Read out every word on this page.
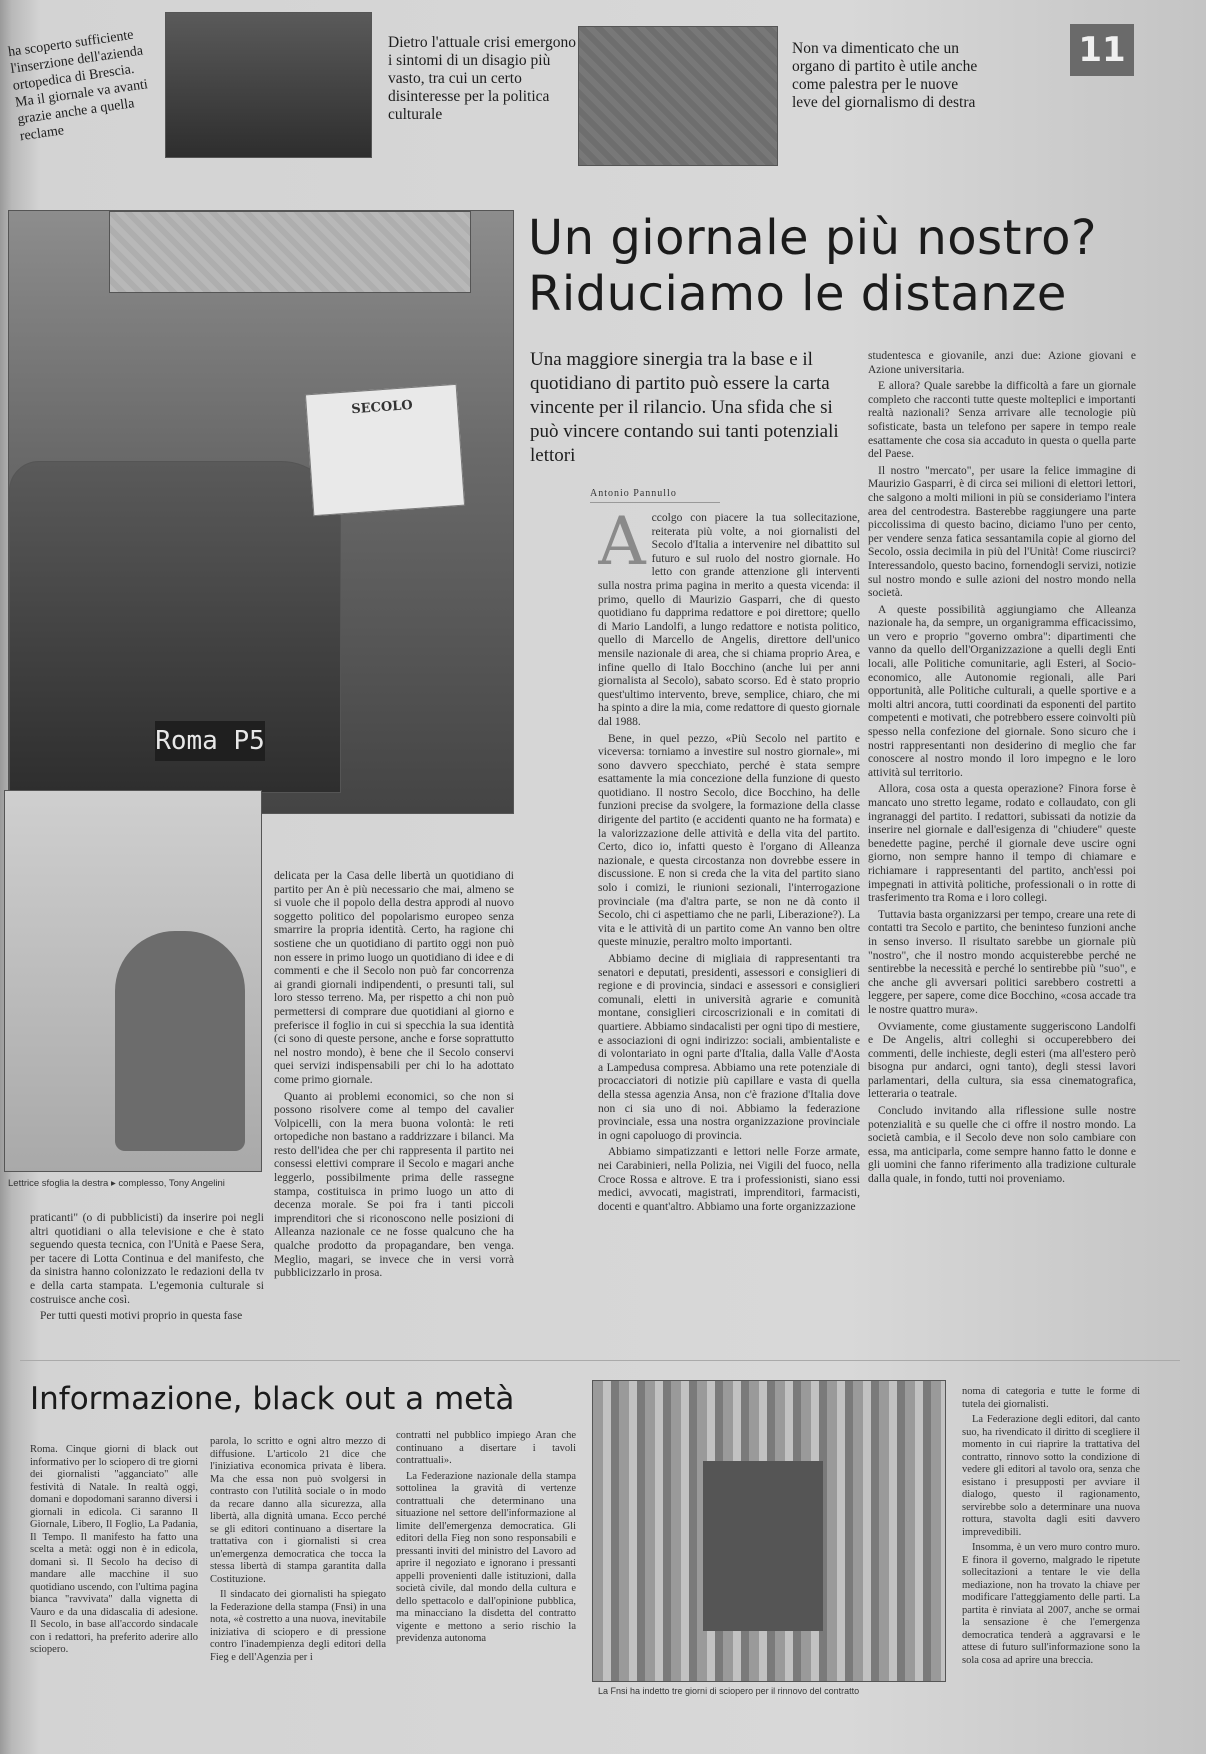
ha scoperto sufficiente l'inserzione dell'azienda ortopedica di Brescia. Ma il giornale va avanti grazie anche a quella reclame
Dietro l'attuale crisi emergono i sintomi di un disagio più vasto, tra cui un certo disinteresse per la politica culturale
Non va dimenticato che un organo di partito è utile anche come palestra per le nuove leve del giornalismo di destra
11
SECOLO
Roma P5
Lettrice sfoglia la destra ▸ complesso, Tony Angelini
Un giornale più nostro?
Riduciamo le distanze
Una maggiore sinergia tra la base e il quotidiano di partito può essere la carta vincente per il rilancio. Una sfida che si può vincere contando sui tanti potenziali lettori
Antonio Pannullo
A ccolgo con piacere la tua sollecitazione, reiterata più volte, a noi giornalisti del Secolo d'Italia a intervenire nel dibattito sul futuro e sul ruolo del nostro giornale. Ho letto con grande attenzione gli interventi sulla nostra prima pagina in merito a questa vicenda: il primo, quello di Maurizio Gasparri, che di questo quotidiano fu dapprima redattore e poi direttore; quello di Mario Landolfi, a lungo redattore e notista politico, quello di Marcello de Angelis, direttore dell'unico mensile nazionale di area, che si chiama proprio Area, e infine quello di Italo Bocchino (anche lui per anni giornalista al Secolo), sabato scorso. Ed è stato proprio quest'ultimo intervento, breve, semplice, chiaro, che mi ha spinto a dire la mia, come redattore di questo giornale dal 1988.

Bene, in quel pezzo, «Più Secolo nel partito e viceversa: torniamo a investire sul nostro giornale», mi sono davvero specchiato, perché è stata sempre esattamente la mia concezione della funzione di questo quotidiano. Il nostro Secolo, dice Bocchino, ha delle funzioni precise da svolgere, la formazione della classe dirigente del partito (e accidenti quanto ne ha formata) e la valorizzazione delle attività e della vita del partito. Certo, dico io, infatti questo è l'organo di Alleanza nazionale, e questa circostanza non dovrebbe essere in discussione. E non si creda che la vita del partito siano solo i comizi, le riunioni sezionali, l'interrogazione provinciale (ma d'altra parte, se non ne dà conto il Secolo, chi ci aspettiamo che ne parli, Liberazione?). La vita e le attività di un partito come An vanno ben oltre queste minuzie, peraltro molto importanti.

Abbiamo decine di migliaia di rappresentanti tra senatori e deputati, presidenti, assessori e consiglieri di regione e di provincia, sindaci e assessori e consiglieri comunali, eletti in università agrarie e comunità montane, consiglieri circoscrizionali e in comitati di quartiere. Abbiamo sindacalisti per ogni tipo di mestiere, e associazioni di ogni indirizzo: sociali, ambientaliste e di volontariato in ogni parte d'Italia, dalla Valle d'Aosta a Lampedusa compresa. Abbiamo una rete potenziale di procacciatori di notizie più capillare e vasta di quella della stessa agenzia Ansa, non c'è frazione d'Italia dove non ci sia uno di noi. Abbiamo la federazione provinciale, essa una nostra organizzazione provinciale in ogni capoluogo di provincia.

Abbiamo simpatizzanti e lettori nelle Forze armate, nei Carabinieri, nella Polizia, nei Vigili del fuoco, nella Croce Rossa e altrove. E tra i professionisti, siano essi medici, avvocati, magistrati, imprenditori, farmacisti, docenti e quant'altro. Abbiamo una forte organizzazione

studentesca e giovanile, anzi due: Azione giovani e Azione universitaria.

E allora? Quale sarebbe la difficoltà a fare un giornale completo che racconti tutte queste molteplici e importanti realtà nazionali? Senza arrivare alle tecnologie più sofisticate, basta un telefono per sapere in tempo reale esattamente che cosa sia accaduto in questa o quella parte del Paese.

Il nostro "mercato", per usare la felice immagine di Maurizio Gasparri, è di circa sei milioni di elettori lettori, che salgono a molti milioni in più se consideriamo l'intera area del centrodestra. Basterebbe raggiungere una parte piccolissima di questo bacino, diciamo l'uno per cento, per vendere senza fatica sessantamila copie al giorno del Secolo, ossia decimila in più del l'Unità! Come riuscirci? Interessandolo, questo bacino, fornendogli servizi, notizie sul nostro mondo e sulle azioni del nostro mondo nella società.

A queste possibilità aggiungiamo che Alleanza nazionale ha, da sempre, un organigramma efficacissimo, un vero e proprio "governo ombra": dipartimenti che vanno da quello dell'Organizzazione a quelli degli Enti locali, alle Politiche comunitarie, agli Esteri, al Socio-economico, alle Autonomie regionali, alle Pari opportunità, alle Politiche culturali, a quelle sportive e a molti altri ancora, tutti coordinati da esponenti del partito competenti e motivati, che potrebbero essere coinvolti più spesso nella confezione del giornale. Sono sicuro che i nostri rappresentanti non desiderino di meglio che far conoscere al nostro mondo il loro impegno e le loro attività sul territorio.

Allora, cosa osta a questa operazione? Finora forse è mancato uno stretto legame, rodato e collaudato, con gli ingranaggi del partito. I redattori, subissati da notizie da inserire nel giornale e dall'esigenza di "chiudere" queste benedette pagine, perché il giornale deve uscire ogni giorno, non sempre hanno il tempo di chiamare e richiamare i rappresentanti del partito, anch'essi poi impegnati in attività politiche, professionali o in rotte di trasferimento tra Roma e i loro collegi.

Tuttavia basta organizzarsi per tempo, creare una rete di contatti tra Secolo e partito, che beninteso funzioni anche in senso inverso. Il risultato sarebbe un giornale più "nostro", che il nostro mondo acquisterebbe perché ne sentirebbe la necessità e perché lo sentirebbe più "suo", e che anche gli avversari politici sarebbero costretti a leggere, per sapere, come dice Bocchino, «cosa accade tra le nostre quattro mura».

Ovviamente, come giustamente suggeriscono Landolfi e De Angelis, altri colleghi si occuperebbero dei commenti, delle inchieste, degli esteri (ma all'estero però bisogna pur andarci, ogni tanto), degli stessi lavori parlamentari, della cultura, sia essa cinematografica, letteraria o teatrale.

Concludo invitando alla riflessione sulle nostre potenzialità e su quelle che ci offre il nostro mondo. La società cambia, e il Secolo deve non solo cambiare con essa, ma anticiparla, come sempre hanno fatto le donne e gli uomini che fanno riferimento alla tradizione culturale dalla quale, in fondo, tutti noi proveniamo.

praticanti" (o di pubblicisti) da inserire poi negli altri quotidiani o alla televisione e che è stato seguendo questa tecnica, con l'Unità e Paese Sera, per tacere di Lotta Continua e del manifesto, che da sinistra hanno colonizzato le redazioni della tv e della carta stampata. L'egemonia culturale si costruisce anche così.

Per tutti questi motivi proprio in questa fase

delicata per la Casa delle libertà un quotidiano di partito per An è più necessario che mai, almeno se si vuole che il popolo della destra approdi al nuovo soggetto politico del popolarismo europeo senza smarrire la propria identità. Certo, ha ragione chi sostiene che un quotidiano di partito oggi non può non essere in primo luogo un quotidiano di idee e di commenti e che il Secolo non può far concorrenza ai grandi giornali indipendenti, o presunti tali, sul loro stesso terreno. Ma, per rispetto a chi non può permettersi di comprare due quotidiani al giorno e preferisce il foglio in cui si specchia la sua identità (ci sono di queste persone, anche e forse soprattutto nel nostro mondo), è bene che il Secolo conservi quei servizi indispensabili per chi lo ha adottato come primo giornale.

Quanto ai problemi economici, so che non si possono risolvere come al tempo del cavalier Volpicelli, con la mera buona volontà: le reti ortopediche non bastano a raddrizzare i bilanci. Ma resto dell'idea che per chi rappresenta il partito nei consessi elettivi comprare il Secolo e magari anche leggerlo, possibilmente prima delle rassegne stampa, costituisca in primo luogo un atto di decenza morale. Se poi fra i tanti piccoli imprenditori che si riconoscono nelle posizioni di Alleanza nazionale ce ne fosse qualcuno che ha qualche prodotto da propagandare, ben venga. Meglio, magari, se invece che in versi vorrà pubblicizzarlo in prosa.

Informazione, black out a metà

Roma. Cinque giorni di black out informativo per lo sciopero di tre giorni dei giornalisti "agganciato" alle festività di Natale. In realtà oggi, domani e dopodomani saranno diversi i giornali in edicola. Ci saranno Il Giornale, Libero, Il Foglio, La Padania, Il Tempo. Il manifesto ha fatto una scelta a metà: oggi non è in edicola, domani sì. Il Secolo ha deciso di mandare alle macchine il suo quotidiano uscendo, con l'ultima pagina bianca "ravvivata" dalla vignetta di Vauro e da una didascalia di adesione. Il Secolo, in base all'accordo sindacale con i redattori, ha preferito aderire allo sciopero.

parola, lo scritto e ogni altro mezzo di diffusione. L'articolo 21 dice che l'iniziativa economica privata è libera. Ma che essa non può svolgersi in contrasto con l'utilità sociale o in modo da recare danno alla sicurezza, alla libertà, alla dignità umana. Ecco perché se gli editori continuano a disertare la trattativa con i giornalisti si crea un'emergenza democratica che tocca la stessa libertà di stampa garantita dalla Costituzione.

Il sindacato dei giornalisti ha spiegato la Federazione della stampa (Fnsi) in una nota, «è costretto a una nuova, inevitabile iniziativa di sciopero e di pressione contro l'inadempienza degli editori della Fieg e dell'Agenzia per i

contratti nel pubblico impiego Aran che continuano a disertare i tavoli contrattuali».

La Federazione nazionale della stampa sottolinea la gravità di vertenze contrattuali che determinano una situazione nel settore dell'informazione al limite dell'emergenza democratica. Gli editori della Fieg non sono responsabili e pressanti inviti del ministro del Lavoro ad aprire il negoziato e ignorano i pressanti appelli provenienti dalle istituzioni, dalla società civile, dal mondo della cultura e dello spettacolo e dall'opinione pubblica, ma minacciano la disdetta del contratto vigente e mettono a serio rischio la previdenza autonoma

La Fnsi ha indetto tre giorni di sciopero per il rinnovo del contratto

noma di categoria e tutte le forme di tutela dei giornalisti.

La Federazione degli editori, dal canto suo, ha rivendicato il diritto di scegliere il momento in cui riaprire la trattativa del contratto, rinnovo sotto la condizione di vedere gli editori al tavolo ora, senza che esistano i presupposti per avviare il dialogo, questo il ragionamento, servirebbe solo a determinare una nuova rottura, stavolta dagli esiti davvero imprevedibili.

Insomma, è un vero muro contro muro. E finora il governo, malgrado le ripetute sollecitazioni a tentare le vie della mediazione, non ha trovato la chiave per modificare l'atteggiamento delle parti. La partita è rinviata al 2007, anche se ormai la sensazione è che l'emergenza democratica tenderà a aggravarsi e le attese di futuro sull'informazione sono la sola cosa ad aprire una breccia.
